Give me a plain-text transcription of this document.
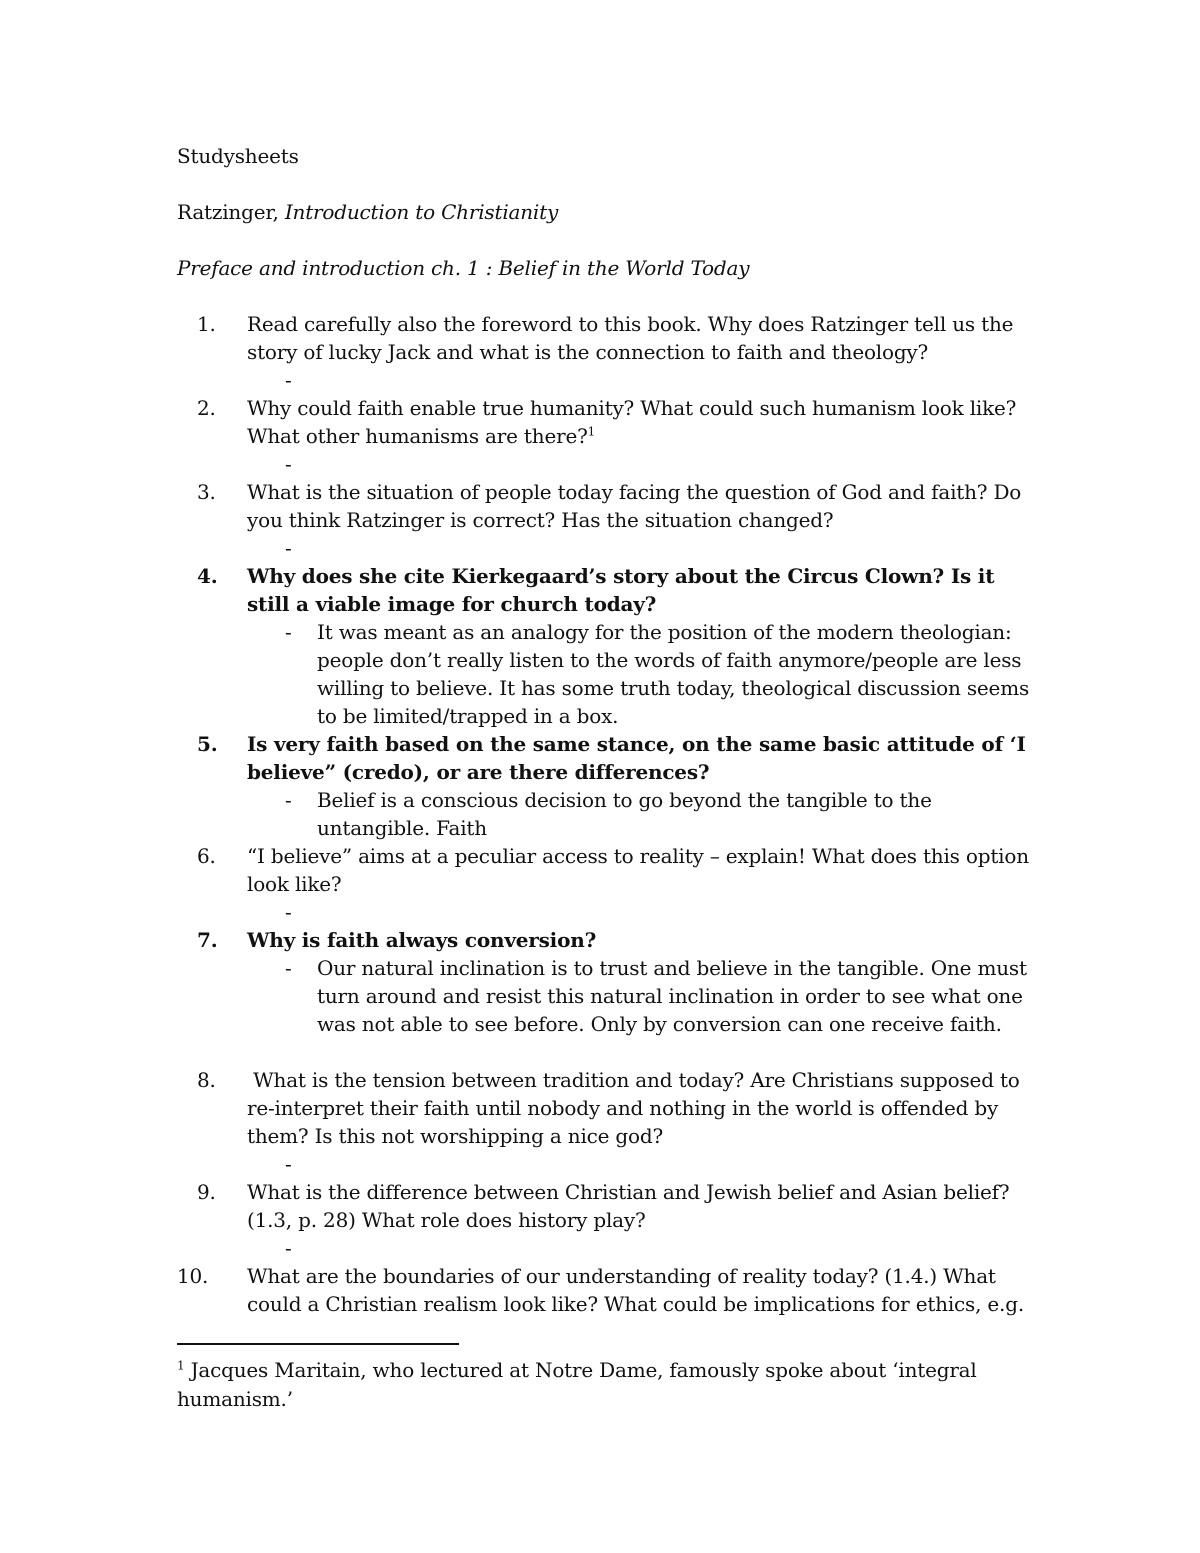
Studysheets
Ratzinger, Introduction to Christianity
Preface and introduction ch. 1 : Belief in the World Today
1.	Read carefully also the foreword to this book. Why does Ratzinger tell us the story of lucky Jack and what is the connection to faith and theology?
-
2.	Why could faith enable true humanity? What could such humanism look like? What other humanisms are there?$^1$
-
3.	What is the situation of people today facing the question of God and faith? Do you think Ratzinger is correct? Has the situation changed?
-
4.	Why does she cite Kierkegaard’s story about the Circus Clown? Is it still a viable image for church today?
- It was meant as an analogy for the position of the modern theologian: people don’t really listen to the words of faith anymore/people are less willing to believe. It has some truth today, theological discussion seems to be limited/trapped in a box.
5.	Is very faith based on the same stance, on the same basic attitude of ‘I believe” (credo), or are there differences?
- Belief is a conscious decision to go beyond the tangible to the untangible. Faith
6.	“I believe” aims at a peculiar access to reality – explain! What does this option look like?
-
7.	Why is faith always conversion?
- Our natural inclination is to trust and believe in the tangible. One must turn around and resist this natural inclination in order to see what one was not able to see before. Only by conversion can one receive faith.
8.	What is the tension between tradition and today? Are Christians supposed to re-interpret their faith until nobody and nothing in the world is offended by them? Is this not worshipping a nice god?
-
9.	What is the difference between Christian and Jewish belief and Asian belief? (1.3, p. 28) What role does history play?
-
10.	What are the boundaries of our understanding of reality today? (1.4.) What could a Christian realism look like? What could be implications for ethics, e.g.
$^1$ Jacques Maritain, who lectured at Notre Dame, famously spoke about ‘integral humanism.’
